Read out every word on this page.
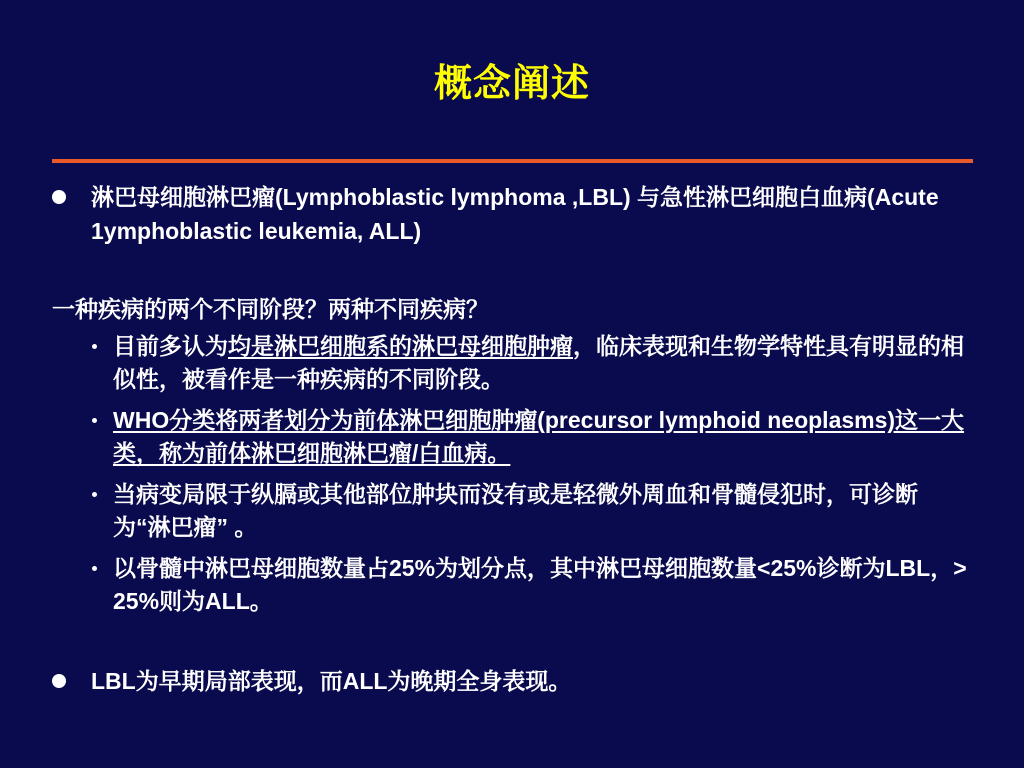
概念阐述
淋巴母细胞淋巴瘤(Lymphoblastic lymphoma ,LBL) 与急性淋巴细胞白血病(Acute 1ymphoblastic leukemia, ALL)
一种疾病的两个不同阶段？两种不同疾病？
目前多认为均是淋巴细胞系的淋巴母细胞肿瘤，临床表现和生物学特性具有明显的相似性，被看作是一种疾病的不同阶段。
WHO分类将两者划分为前体淋巴细胞肿瘤(precursor lymphoid neoplasms)这一大类，称为前体淋巴细胞淋巴瘤/白血病。
当病变局限于纵膈或其他部位肿块而没有或是轻微外周血和骨髓侵犯时，可诊断为“淋巴瘤” 。
以骨髓中淋巴母细胞数量占25%为划分点，其中淋巴母细胞数量<25%诊断为LBL，> 25%则为ALL。
LBL为早期局部表现，而ALL为晚期全身表现。
